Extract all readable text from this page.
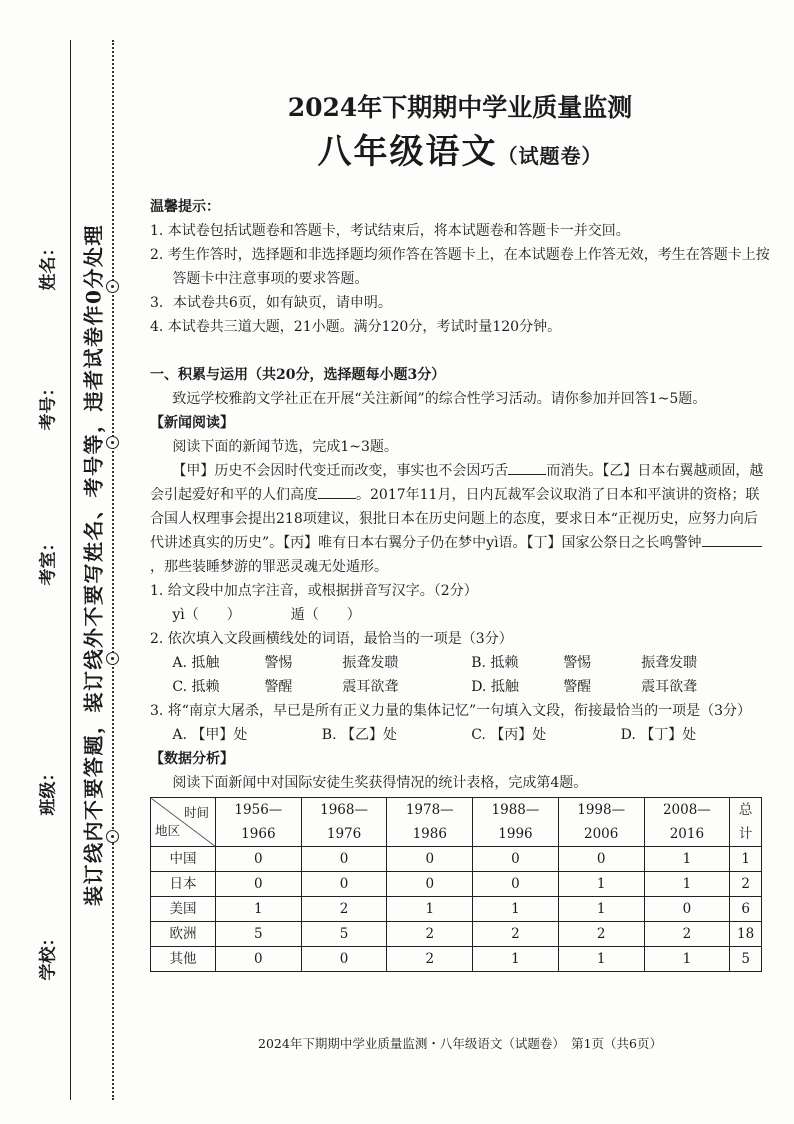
学校：
班级：
考室：
考号：
姓名： 装订线内不要答题，装订线外不要写姓名、考号等，违者试卷作0分处理
2024年下期期中学业质量监测
八年级语文（试题卷）

温馨提示：

1. 本试卷包括试题卷和答题卡，考试结束后，将本试题卷和答题卡一并交回。

2. 考生作答时，选择题和非选择题均须作答在答题卡上，在本试题卷上作答无效，考生在答题卡上按答题卡中注意事项的要求答题。

3．本试卷共6页，如有缺页，请申明。

4. 本试卷共三道大题，21小题。满分120分，考试时量120分钟。

一、积累与运用（共20分，选择题每小题3分）

致远学校雅韵文学社正在开展“关注新闻”的综合性学习活动。请你参加并回答1~5题。

【新闻阅读】

阅读下面的新闻节选，完成1~3题。

【甲】历史不会因时代变迁而改变，事实也不会因巧舌	而消失。【乙】日本右翼越顽固，越会引起爱好和平的人们高度	。2017年11月，日内瓦裁军会议取消了日本和平演讲的资格；联合国人权理事会提出218项建议，狠批日本在历史问题上的态度，要求日本“正视历史，应努力向后代讲述真实的历史”。【丙】唯有日本右翼分子仍在梦中yì语。【丁】国家公祭日之长鸣警钟，那些装睡梦游的罪恶灵魂无处遁形。

1. 给文段中加点字注音，或根据拼音写汉字。（2分）

yì（　　）	遁（　　）

2. 依次填入文段画横线处的词语，最恰当的一项是（3分）

A. 抵触	警惕	振聋发聩	B. 抵赖	警惕	振聋发聩
C. 抵赖	警醒	震耳欲聋	D. 抵触	警醒	震耳欲聋

3. 将“南京大屠杀，早已是所有正义力量的集体记忆”一句填入文段，衔接最恰当的一项是（3分）

A. 【甲】处	B. 【乙】处	C. 【丙】处	D. 【丁】处

【数据分析】

阅读下面新闻中对国际安徒生奖获得情况的统计表格，完成第4题。

时间
地区	1956—1966	1968—1976	1978—1986	1988—1996	1998—2006	2008—2016	总计
中国	0	0	0	0	0	1	1
日本	0	0	0	0	1	1	2
美国	1	2	1	1	1	0	6
欧洲	5	5	2	2	2	2	18
其他	0	0	2	1	1	1	5
2024年下期期中学业质量监测・八年级语文（试题卷）　第1页（共6页）
